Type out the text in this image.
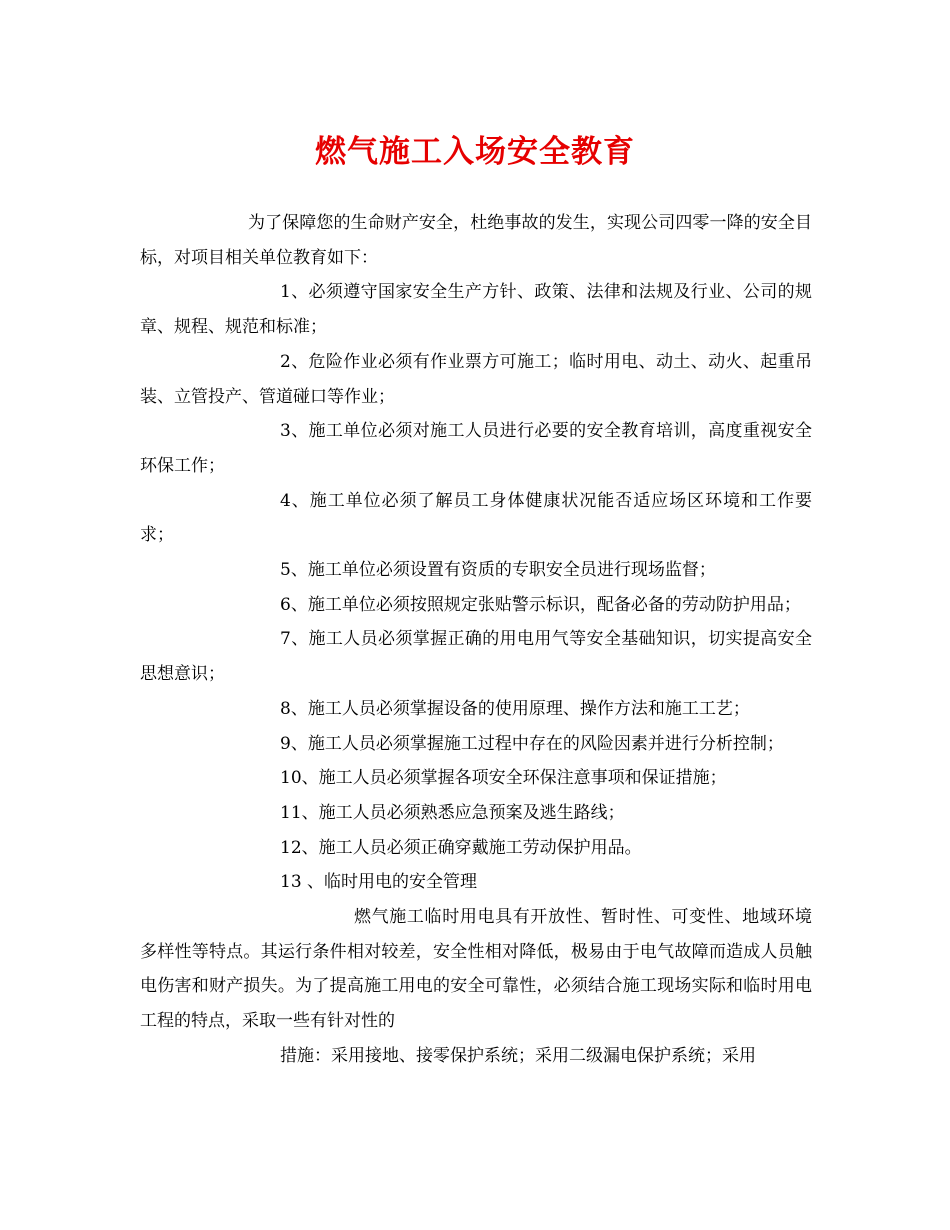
燃气施工入场安全教育

为了保障您的生命财产安全，杜绝事故的发生，实现公司四零一降的安全目标，对项目相关单位教育如下：

1、必须遵守国家安全生产方针、政策、法律和法规及行业、公司的规章、规程、规范和标准；

2、危险作业必须有作业票方可施工；临时用电、动土、动火、起重吊装、立管投产、管道碰口等作业；

3、施工单位必须对施工人员进行必要的安全教育培训，高度重视安全环保工作；

4、施工单位必须了解员工身体健康状况能否适应场区环境和工作要求；

5、施工单位必须设置有资质的专职安全员进行现场监督；

6、施工单位必须按照规定张贴警示标识，配备必备的劳动防护用品；

7、施工人员必须掌握正确的用电用气等安全基础知识，切实提高安全思想意识；

8、施工人员必须掌握设备的使用原理、操作方法和施工工艺；

9、施工人员必须掌握施工过程中存在的风险因素并进行分析控制；

10、施工人员必须掌握各项安全环保注意事项和保证措施；

11、施工人员必须熟悉应急预案及逃生路线；

12、施工人员必须正确穿戴施工劳动保护用品。

13 、临时用电的安全管理

燃气施工临时用电具有开放性、暂时性、可变性、地域环境多样性等特点。其运行条件相对较差，安全性相对降低，极易由于电气故障而造成人员触电伤害和财产损失。为了提高施工用电的安全可靠性，必须结合施工现场实际和临时用电工程的特点，采取一些有针对性的

措施：采用接地、接零保护系统；采用二级漏电保护系统；采用
